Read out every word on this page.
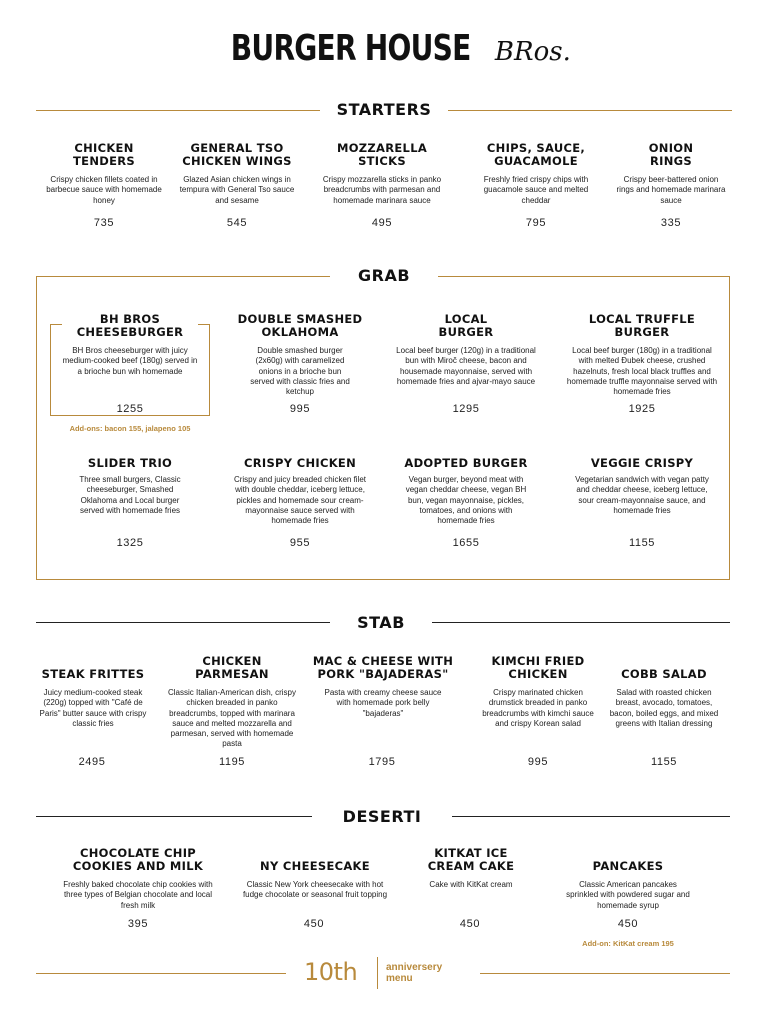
BURGER HOUSE BRos.
STARTERS
CHICKEN TENDERS
Crispy chicken fillets coated in barbecue sauce with homemade honey
GENERAL TSO CHICKEN WINGS
Glazed Asian chicken wings in tempura with General Tso sauce and sesame
MOZZARELLA STICKS
Crispy mozzarella sticks in panko breadcrumbs with parmesan and homemade marinara sauce
CHIPS, SAUCE, GUACAMOLE
Freshly fried crispy chips with guacamole sauce and melted cheddar
ONION RINGS
Crispy beer-battered onion rings and homemade marinara sauce
735	545	495	795	335
GRAB
BH BROS CHEESEBURGER
BH Bros cheeseburger with juicy medium-cooked beef (180g) served in a brioche bun wih homemade
DOUBLE SMASHED OKLAHOMA
Double smashed burger (2x60g) with caramelized onions in a brioche bun served with classic fries and ketchup
LOCAL BURGER
Local beef burger (120g) in a traditional bun with Miroč cheese, bacon and housemade mayonnaise, served with homemade fries and ajvar-mayo sauce
LOCAL TRUFFLE BURGER
Local beef burger (180g) in a traditional with melted Đubek cheese, crushed hazelnuts, fresh local black truffles and homemade truffle mayonnaise served with homemade fries
1255	995	1295	1925
Add-ons: bacon 155, jalapeno 105
SLIDER TRIO
Three small burgers, Classic cheeseburger, Smashed Oklahoma and Local burger served with homemade fries
CRISPY CHICKEN
Crispy and juicy breaded chicken filet with double cheddar, iceberg lettuce, pickles and homemade sour cream-mayonnaise sauce served with homemade fries
ADOPTED BURGER
Vegan burger, beyond meat with vegan cheddar cheese, vegan BH bun, vegan mayonnaise, pickles, tomatoes, and onions with homemade fries
VEGGIE CRISPY
Vegetarian sandwich with vegan patty and cheddar cheese, iceberg lettuce, sour cream-mayonnaise sauce, and homemade fries
1325	955	1655	1155
STAB
STEAK FRITTES
Juicy medium-cooked steak (220g) topped with "Café de Paris" butter sauce with crispy classic fries
CHICKEN PARMESAN
Classic Italian-American dish, crispy chicken breaded in panko breadcrumbs, topped with marinara sauce and melted mozzarella and parmesan, served with homemade pasta
MAC & CHEESE WITH PORK "BAJADERAS"
Pasta with creamy cheese sauce with homemade pork belly "bajaderas"
KIMCHI FRIED CHICKEN
Crispy marinated chicken drumstick breaded in panko breadcrumbs with kimchi sauce and crispy Korean salad
COBB SALAD
Salad with roasted chicken breast, avocado, tomatoes, bacon, boiled eggs, and mixed greens with Italian dressing
2495	1195	1795	995	1155
DESERTI
CHOCOLATE CHIP COOKIES AND MILK
Freshly baked chocolate chip cookies with three types of Belgian chocolate and local fresh milk
NY CHEESECAKE
Classic New York cheesecake with hot fudge chocolate or seasonal fruit topping
KITKAT ICE CREAM CAKE
Cake with KitKat cream
PANCAKES
Classic American pancakes sprinkled with powdered sugar and homemade syrup
395	450	450	450
Add-on: KitKat cream 195
10th	anniversery
menu
